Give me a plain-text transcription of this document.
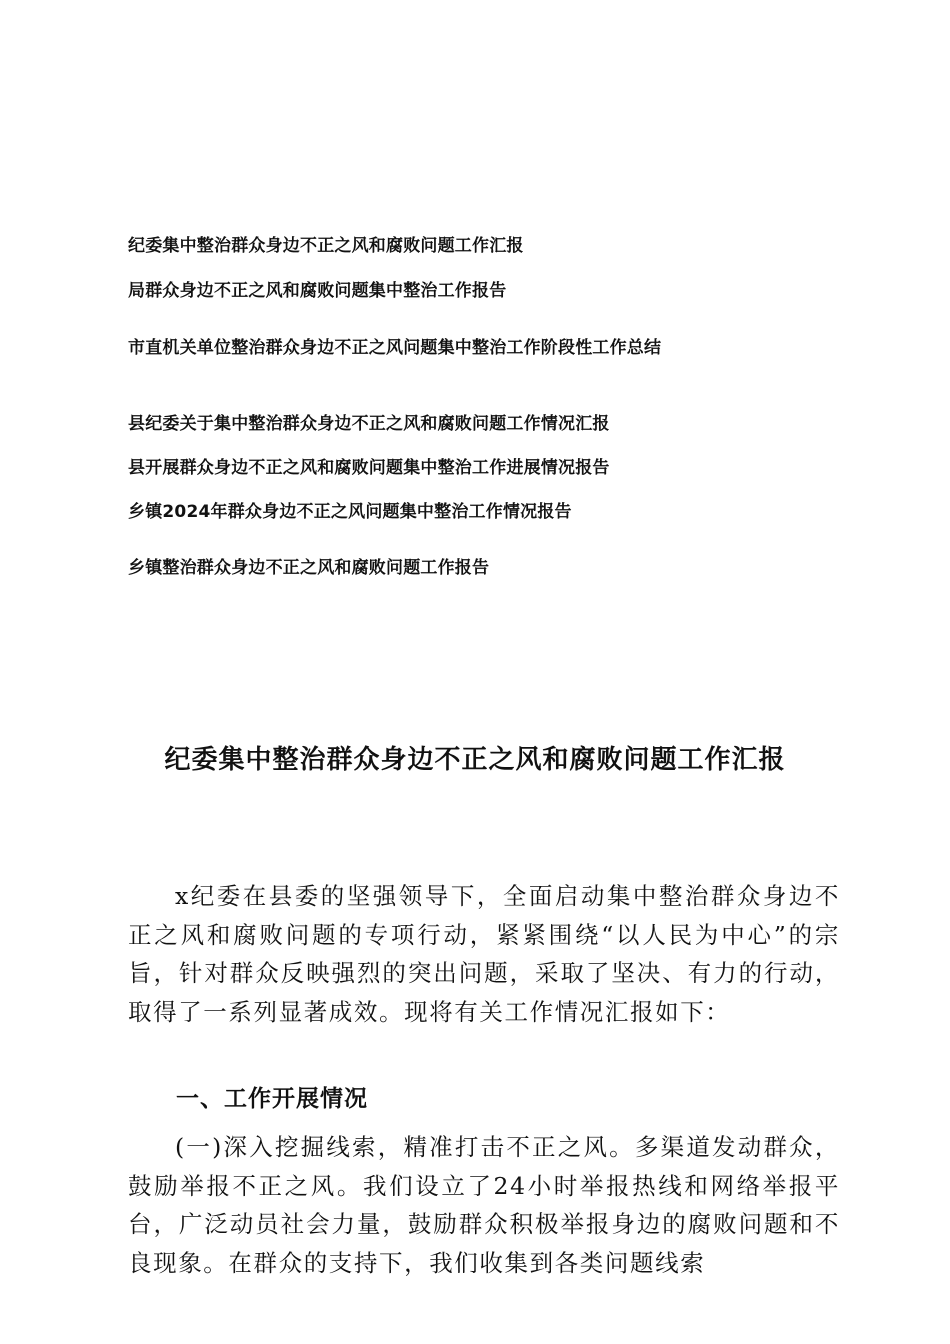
纪委集中整治群众身边不正之风和腐败问题工作汇报
局群众身边不正之风和腐败问题集中整治工作报告
市直机关单位整治群众身边不正之风问题集中整治工作阶段性工作总结
县纪委关于集中整治群众身边不正之风和腐败问题工作情况汇报
县开展群众身边不正之风和腐败问题集中整治工作进展情况报告
乡镇2024年群众身边不正之风问题集中整治工作情况报告
乡镇整治群众身边不正之风和腐败问题工作报告
纪委集中整治群众身边不正之风和腐败问题工作汇报
x纪委在县委的坚强领导下，全面启动集中整治群众身边不 正之风和腐败问题的专项行动，紧紧围绕“以人民为中心”的宗 旨，针对群众反映强烈的突出问题，采取了坚决、有力的行动， 取得了一系列显著成效。现将有关工作情况汇报如下：
一、工作开展情况
(一)深入挖掘线索，精准打击不正之风。多渠道发动群众， 鼓励举报不正之风。我们设立了24小时举报热线和网络举报平 台，广泛动员社会力量，鼓励群众积极举报身边的腐败问题和不 良现象。在群众的支持下，我们收集到各类问题线索
